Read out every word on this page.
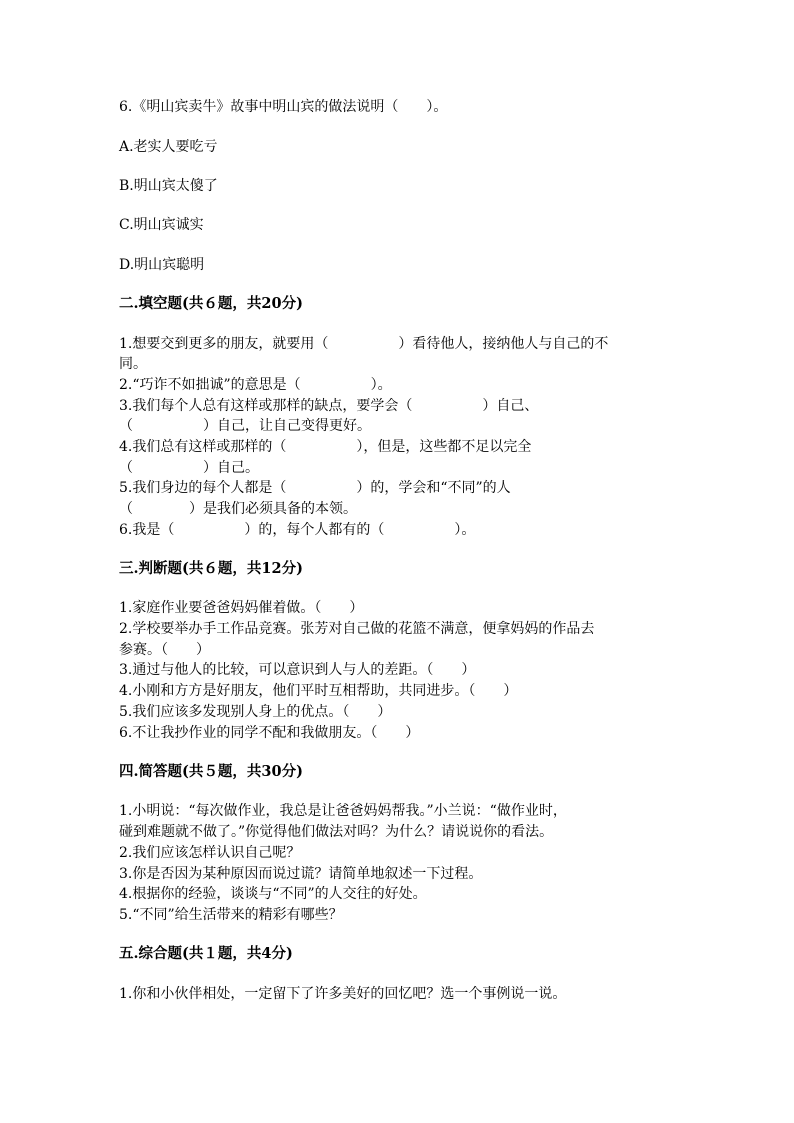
6.《明山宾卖牛》故事中明山宾的做法说明（　　）。
A.老实人要吃亏
B.明山宾太傻了
C.明山宾诚实
D.明山宾聪明
二.填空题(共６题，共20分)
1.想要交到更多的朋友，就要用（　　　　　）看待他人，接纳他人与自己的不
同。
2.“巧诈不如拙诚”的意思是（　　　　　）。
3.我们每个人总有这样或那样的缺点，要学会（　　　　　）自己、
（　　　　　）自己，让自己变得更好。
4.我们总有这样或那样的（　　　　　），但是，这些都不足以完全
（　　　　　）自己。
5.我们身边的每个人都是（　　　　　）的，学会和“不同”的人
（　　　　）是我们必须具备的本领。
6.我是（　　　　　）的，每个人都有的（　　　　　）。
三.判断题(共６题，共12分)
1.家庭作业要爸爸妈妈催着做。（　　）
2.学校要举办手工作品竞赛。张芳对自己做的花篮不满意，便拿妈妈的作品去
参赛。（　　）
3.通过与他人的比较，可以意识到人与人的差距。（　　）
4.小刚和方方是好朋友，他们平时互相帮助，共同进步。（　　）
5.我们应该多发现别人身上的优点。（　　）
6.不让我抄作业的同学不配和我做朋友。（　　）
四.简答题(共５题，共30分)
1.小明说：“每次做作业，我总是让爸爸妈妈帮我。”小兰说：“做作业时，
碰到难题就不做了。”你觉得他们做法对吗？为什么？请说说你的看法。
2.我们应该怎样认识自己呢？
3.你是否因为某种原因而说过谎？请简单地叙述一下过程。
4.根据你的经验，谈谈与“不同”的人交往的好处。
5.“不同”给生活带来的精彩有哪些？
五.综合题(共１题，共4分)
1.你和小伙伴相处，一定留下了许多美好的回忆吧？选一个事例说一说。
